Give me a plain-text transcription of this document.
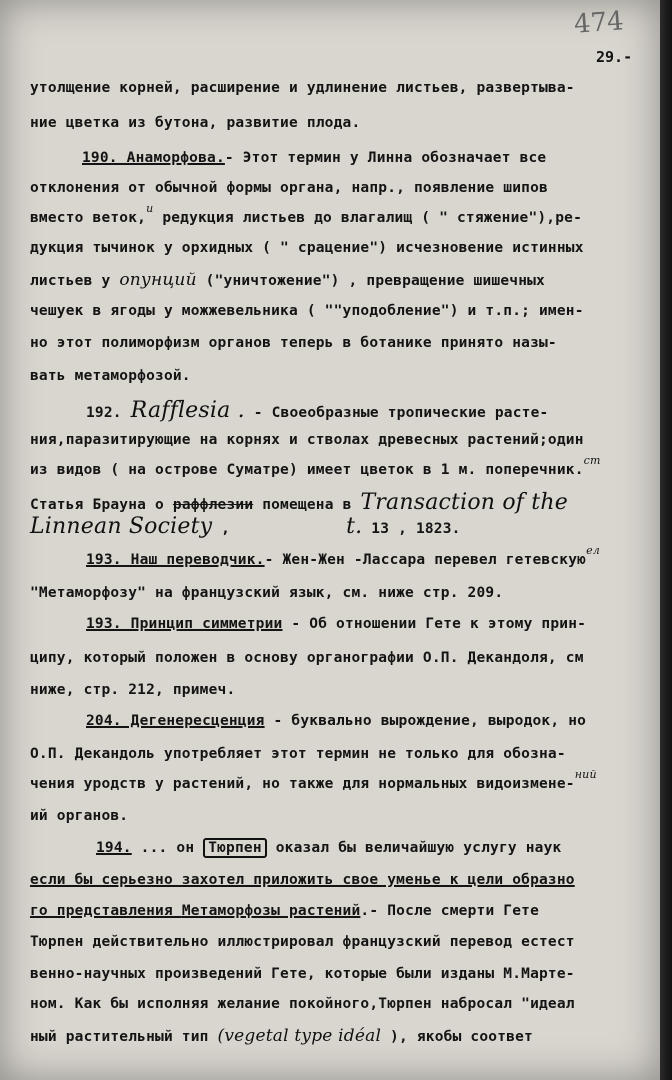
474
29.-
утолщение корней, расширение и удлинение листьев, развертыва-
ние цветка из бутона, развитие плода.
190. Анаморфова.- Этот термин у Линна обозначает все
отклонения от обычной формы органа, напр., появление шипов
вместо веток,$^и$ редукция листьев до влагалищ ( " стяжение"),ре-
дукция тычинок у орхидных ( " срацение") исчезновение истинных
листьев у опунций ("уничтожение") , превращение шишечных
чешуек в ягоды у можжевельника ( ""уподобление") и т.п.; имен-
но этот полиморфизм органов теперь в ботанике принято назы-
вать метаморфозой.
192. Rafflesia . - Своеобразные тропические расте-
ния,паразитирующие на корнях и стволах древесных растений;один
из видов ( на острове Суматре) имеет цветок в 1 м. поперечник.$^{ст}$
Статья Брауна о раффлезии помещена в Transaction of the
Linnean Society ,	t. 13 , 1823.
193. Наш переводчик.- Жен-Жен -Лассара перевел гетевскую$^{ел}$
"Метаморфозу" на французский язык, см. ниже стр. 209.
193. Принцип симметрии - Об отношении Гете к этому прин-
ципу, который положен в основу органографии О.П. Декандоля, см
ниже, стр. 212, примеч.
204. Дегенересценция - буквально вырождение, выродок, но
О.П. Декандоль употребляет этот термин не только для обозна-
чения уродств у растений, но также для нормальных видоизмене-$^{ний}$
ий органов.
194. ... он Тюрпен оказал бы величайшую услугу наук
если бы серьезно захотел приложить свое уменье к цели образно
го представления Метаморфозы растений.- После смерти Гете
Тюрпен действительно иллюстрировал французский перевод естест
венно-научных произведений Гете, которые были изданы М.Марте-
ном. Как бы исполняя желание покойного,Тюрпен набросал "идеал
ный растительный тип (vegetal type idéal ), якобы соответ
